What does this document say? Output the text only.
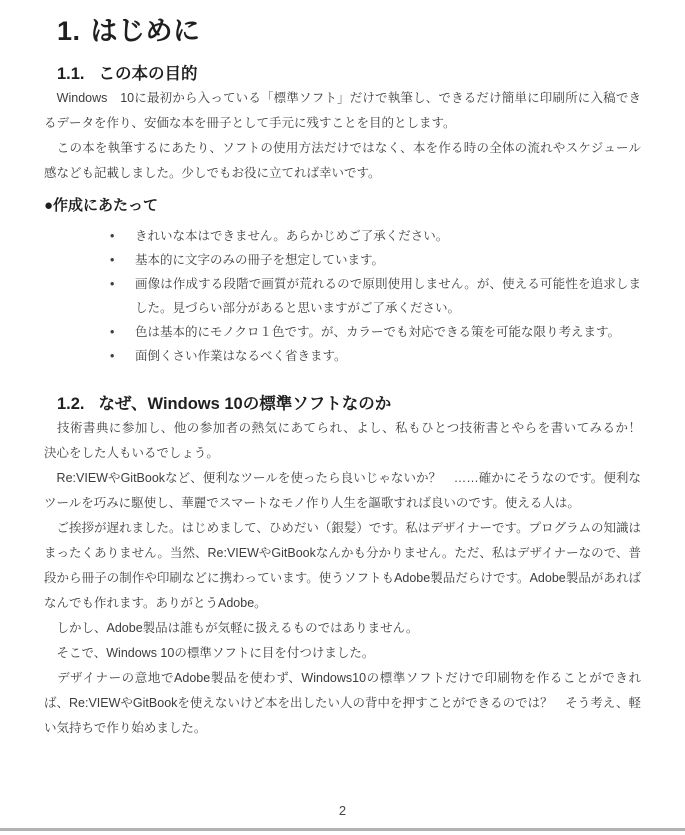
1. はじめに
1.1. この本の目的

　Windows　10に最初から入っている「標準ソフト」だけで執筆し、できるだけ簡単に印刷所に入稿できるデータを作り、安価な本を冊子として手元に残すことを目的とします。

　この本を執筆するにあたり、ソフトの使用方法だけではなく、本を作る時の全体の流れやスケジュール感なども記載しました。少しでもお役に立てれば幸いです。

●作成にあたって
•	きれいな本はできません。あらかじめご了承ください。
•	基本的に文字のみの冊子を想定しています。
•	画像は作成する段階で画質が荒れるので原則使用しません。が、使える可能性を追求しました。見づらい部分があると思いますがご了承ください。
•	色は基本的にモノクロ１色です。が、カラーでも対応できる策を可能な限り考えます。
•	面倒くさい作業はなるべく省きます。
1.2. なぜ、Windows 10の標準ソフトなのか

　技術書典に参加し、他の参加者の熱気にあてられ、よし、私もひとつ技術書とやらを書いてみるか！　決心をした人もいるでしょう。

　Re:VIEWやGitBookなど、便利なツールを使ったら良いじゃないか？　……確かにそうなのです。便利なツールを巧みに駆使し、華麗でスマートなモノ作り人生を謳歌すれば良いのです。使える人は。

　ご挨拶が遅れました。はじめまして、ひめだい（銀髪）です。私はデザイナーです。プログラムの知識はまったくありません。当然、Re:VIEWやGitBookなんかも分かりません。ただ、私はデザイナーなので、普段から冊子の制作や印刷などに携わっています。使うソフトもAdobe製品だらけです。Adobe製品があればなんでも作れます。ありがとうAdobe。

　しかし、Adobe製品は誰もが気軽に扱えるものではありません。

　そこで、Windows 10の標準ソフトに目を付つけました。

　デザイナーの意地でAdobe製品を使わず、Windows10の標準ソフトだけで印刷物を作ることができれば、Re:VIEWやGitBookを使えないけど本を出したい人の背中を押すことができるのでは？　そう考え、軽い気持ちで作り始めました。

2
